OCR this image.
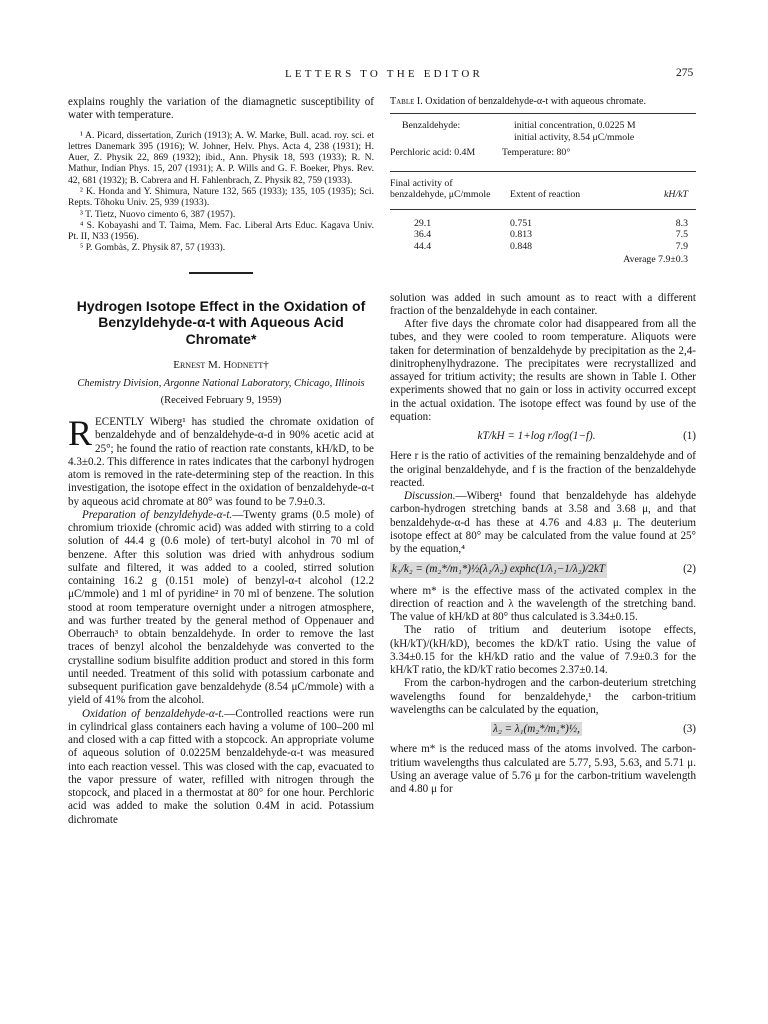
LETTERS TO THE EDITOR	275

explains roughly the variation of the diamagnetic susceptibility of water with temperature.

¹ A. Picard, dissertation, Zurich (1913); A. W. Marke, Bull. acad. roy. sci. et lettres Danemark 395 (1916); W. Johner, Helv. Phys. Acta 4, 238 (1931); H. Auer, Z. Physik 22, 869 (1932); ibid., Ann. Physik 18, 593 (1933); R. N. Mathur, Indian Phys. 15, 207 (1931); A. P. Wills and G. F. Boeker, Phys. Rev. 42, 681 (1932); B. Cabrera and H. Fahlenbrach, Z. Physik 82, 759 (1933).
² K. Honda and Y. Shimura, Nature 132, 565 (1933); 135, 105 (1935); Sci. Repts. Tôhoku Univ. 25, 939 (1933).
³ T. Tietz, Nuovo cimento 6, 387 (1957).
⁴ S. Kobayashi and T. Taima, Mem. Fac. Liberal Arts Educ. Kagava Univ. Pt. II, N33 (1956).
⁵ P. Gombàs, Z. Physik 87, 57 (1933).
Hydrogen Isotope Effect in the Oxidation of Benzyldehyde-α-t with Aqueous Acid Chromate*
Ernest M. Hodnett†
Chemistry Division, Argonne National Laboratory, Chicago, Illinois
(Received February 9, 1959)

RECENTLY Wiberg¹ has studied the chromate oxidation of benzaldehyde and of benzaldehyde-α-d in 90% acetic acid at 25°; he found the ratio of reaction rate constants, kH/kD, to be 4.3±0.2. This difference in rates indicates that the carbonyl hydrogen atom is removed in the rate-determining step of the reaction. In this investigation, the isotope effect in the oxidation of benzaldehyde-α-t by aqueous acid chromate at 80° was found to be 7.9±0.3.

Preparation of benzyldehyde-α-t.—Twenty grams (0.5 mole) of chromium trioxide (chromic acid) was added with stirring to a cold solution of 44.4 g (0.6 mole) of tert-butyl alcohol in 70 ml of benzene. After this solution was dried with anhydrous sodium sulfate and filtered, it was added to a cooled, stirred solution containing 16.2 g (0.151 mole) of benzyl-α-t alcohol (12.2 μC/mmole) and 1 ml of pyridine² in 70 ml of benzene. The solution stood at room temperature overnight under a nitrogen atmosphere, and was further treated by the general method of Oppenauer and Oberrauch³ to obtain benzaldehyde. In order to remove the last traces of benzyl alcohol the benzaldehyde was converted to the crystalline sodium bisulfite addition product and stored in this form until needed. Treatment of this solid with potassium carbonate and subsequent purification gave benzaldehyde (8.54 μC/mmole) with a yield of 41% from the alcohol.

Oxidation of benzaldehyde-α-t.—Controlled reactions were run in cylindrical glass containers each having a volume of 100–200 ml and closed with a cap fitted with a stopcock. An appropriate volume of aqueous solution of 0.0225M benzaldehyde-α-t was measured into each reaction vessel. This was closed with the cap, evacuated to the vapor pressure of water, refilled with nitrogen through the stopcock, and placed in a thermostat at 80° for one hour. Perchloric acid was added to make the solution 0.4M in acid. Potassium dichromate

Table I. Oxidation of benzaldehyde-α-t with aqueous chromate.
Benzaldehyde:	initial concentration, 0.0225 M
initial activity, 8.54 μC/mmole
Perchloric acid: 0.4M	Temperature: 80°
Final activity of benzaldehyde, μC/mmole	Extent of reaction	kH/kT
29.1	0.751	8.3
36.4	0.813	7.5
44.4	0.848	7.9
Average 7.9±0.3

solution was added in such amount as to react with a different fraction of the benzaldehyde in each container.

After five days the chromate color had disappeared from all the tubes, and they were cooled to room temperature. Aliquots were taken for determination of benzaldehyde by precipitation as the 2,4-dinitrophenylhydrazone. The precipitates were recrystallized and assayed for tritium activity; the results are shown in Table I. Other experiments showed that no gain or loss in activity occurred except in the actual oxidation. The isotope effect was found by use of the equation:

kT/kH = 1+log r/log(1−f).	(1)

Here r is the ratio of activities of the remaining benzaldehyde and of the original benzaldehyde, and f is the fraction of the benzaldehyde reacted.

Discussion.—Wiberg¹ found that benzaldehyde has aldehyde carbon-hydrogen stretching bands at 3.58 and 3.68 μ, and that benzaldehyde-α-d has these at 4.76 and 4.83 μ. The deuterium isotope effect at 80° may be calculated from the value found at 25° by the equation,⁴

k₁/k₂ = (m₂*/m₁*)½(λ₁/λ₂) exphc(1/λ₁−1/λ₂)/2kT	(2)

where m* is the effective mass of the activated complex in the direction of reaction and λ the wavelength of the stretching band. The value of kH/kD at 80° thus calculated is 3.34±0.15.

The ratio of tritium and deuterium isotope effects, (kH/kT)/(kH/kD), becomes the kD/kT ratio. Using the value of 3.34±0.15 for the kH/kD ratio and the value of 7.9±0.3 for the kH/kT ratio, the kD/kT ratio becomes 2.37±0.14.

From the carbon-hydrogen and the carbon-deuterium stretching wavelengths found for benzaldehyde,¹ the carbon-tritium wavelengths can be calculated by the equation,

λ₂ = λ₁(m₂*/m₁*)½,	(3)

where m* is the reduced mass of the atoms involved. The carbon-tritium wavelengths thus calculated are 5.77, 5.93, 5.63, and 5.71 μ. Using an average value of 5.76 μ for the carbon-tritium wavelength and 4.80 μ for
